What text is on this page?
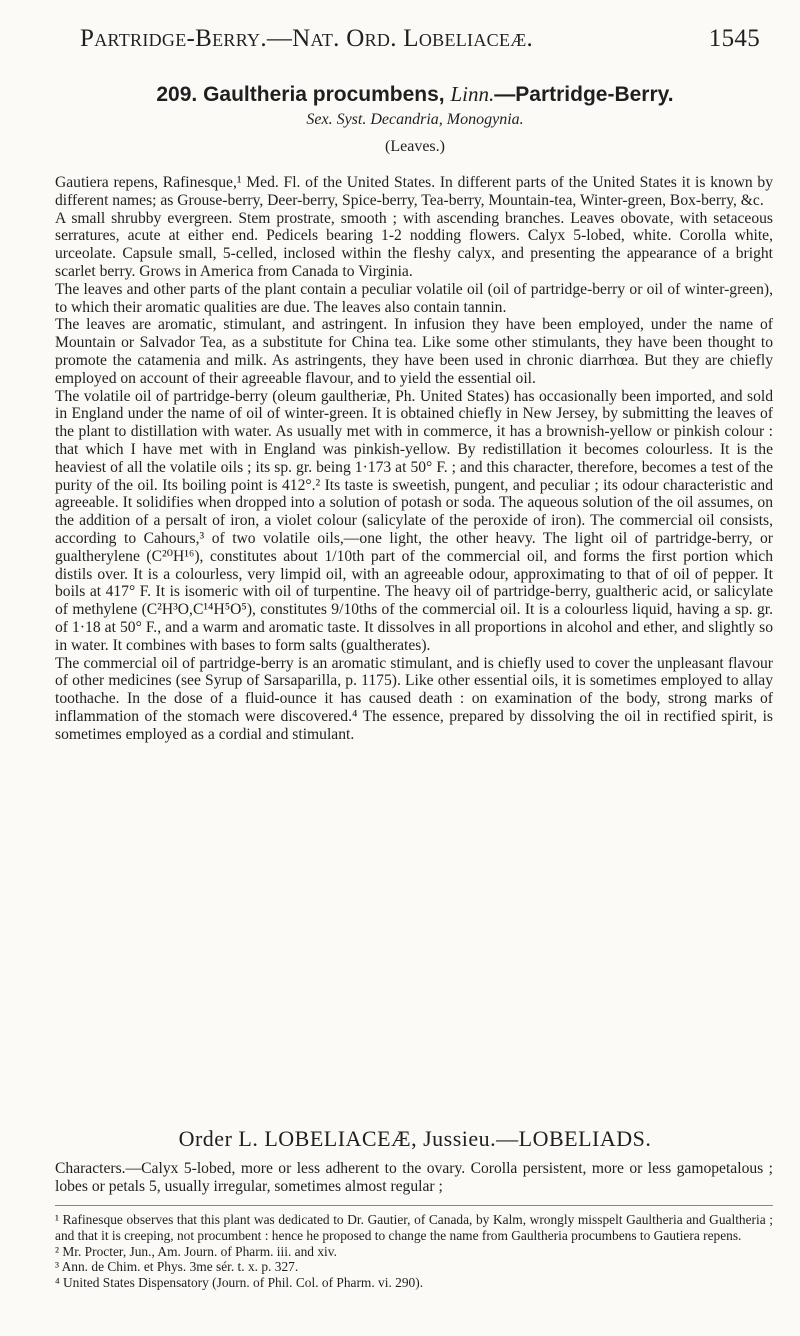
Partridge-Berry.—Nat. Ord. Lobeliaceæ.	1545
209. Gaultheria procumbens, Linn.—Partridge-Berry.
Sex. Syst. Decandria, Monogynia.
(Leaves.)

Gautiera repens, Rafinesque,¹ Med. Fl. of the United States. In different parts of the United States it is known by different names; as Grouse-berry, Deer-berry, Spice-berry, Tea-berry, Mountain-tea, Winter-green, Box-berry, &c.

A small shrubby evergreen. Stem prostrate, smooth ; with ascending branches. Leaves obovate, with setaceous serratures, acute at either end. Pedicels bearing 1-2 nodding flowers. Calyx 5-lobed, white. Corolla white, urceolate. Capsule small, 5-celled, inclosed within the fleshy calyx, and presenting the appearance of a bright scarlet berry. Grows in America from Canada to Virginia.

The leaves and other parts of the plant contain a peculiar volatile oil (oil of partridge-berry or oil of winter-green), to which their aromatic qualities are due. The leaves also contain tannin.

The leaves are aromatic, stimulant, and astringent. In infusion they have been employed, under the name of Mountain or Salvador Tea, as a substitute for China tea. Like some other stimulants, they have been thought to promote the catamenia and milk. As astringents, they have been used in chronic diarrhœa. But they are chiefly employed on account of their agreeable flavour, and to yield the essential oil.

The volatile oil of partridge-berry (oleum gaultheriæ, Ph. United States) has occasionally been imported, and sold in England under the name of oil of winter-green. It is obtained chiefly in New Jersey, by submitting the leaves of the plant to distillation with water. As usually met with in commerce, it has a brownish-yellow or pinkish colour : that which I have met with in England was pinkish-yellow. By redistillation it becomes colourless. It is the heaviest of all the volatile oils ; its sp. gr. being 1·173 at 50° F. ; and this character, therefore, becomes a test of the purity of the oil. Its boiling point is 412°.² Its taste is sweetish, pungent, and peculiar ; its odour characteristic and agreeable. It solidifies when dropped into a solution of potash or soda. The aqueous solution of the oil assumes, on the addition of a persalt of iron, a violet colour (salicylate of the peroxide of iron). The commercial oil consists, according to Cahours,³ of two volatile oils,—one light, the other heavy. The light oil of partridge-berry, or gualtherylene (C²⁰H¹⁶), constitutes about 1/10th part of the commercial oil, and forms the first portion which distils over. It is a colourless, very limpid oil, with an agreeable odour, approximating to that of oil of pepper. It boils at 417° F. It is isomeric with oil of turpentine. The heavy oil of partridge-berry, gualtheric acid, or salicylate of methylene (C²H³O,C¹⁴H⁵O⁵), constitutes 9/10ths of the commercial oil. It is a colourless liquid, having a sp. gr. of 1·18 at 50° F., and a warm and aromatic taste. It dissolves in all proportions in alcohol and ether, and slightly so in water. It combines with bases to form salts (gualtherates).

The commercial oil of partridge-berry is an aromatic stimulant, and is chiefly used to cover the unpleasant flavour of other medicines (see Syrup of Sarsaparilla, p. 1175). Like other essential oils, it is sometimes employed to allay toothache. In the dose of a fluid-ounce it has caused death : on examination of the body, strong marks of inflammation of the stomach were discovered.⁴ The essence, prepared by dissolving the oil in rectified spirit, is sometimes employed as a cordial and stimulant.

Order L. LOBELIACEÆ, Jussieu.—LOBELIADS.
Characters.—Calyx 5-lobed, more or less adherent to the ovary. Corolla persistent, more or less gamopetalous ; lobes or petals 5, usually irregular, sometimes almost regular ;

¹ Rafinesque observes that this plant was dedicated to Dr. Gautier, of Canada, by Kalm, wrongly misspelt Gaultheria and Gualtheria ; and that it is creeping, not procumbent : hence he proposed to change the name from Gaultheria procumbens to Gautiera repens.

² Mr. Procter, Jun., Am. Journ. of Pharm. iii. and xiv.

³ Ann. de Chim. et Phys. 3me sér. t. x. p. 327.

⁴ United States Dispensatory (Journ. of Phil. Col. of Pharm. vi. 290).
